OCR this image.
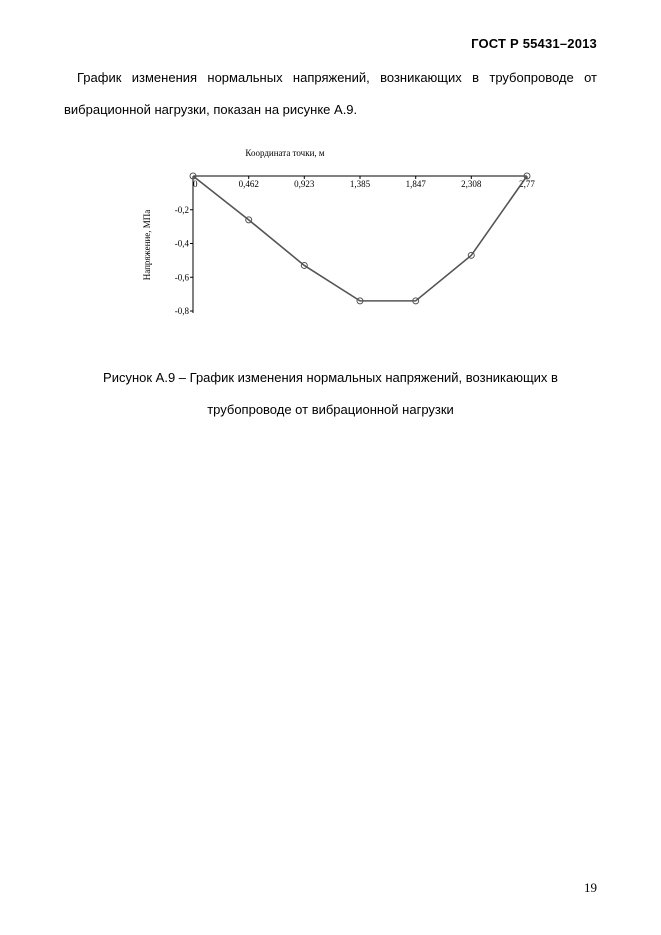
ГОСТ Р 55431–2013

График изменения нормальных напряжений, возникающих в трубопроводе от
вибрационной нагрузки, показан на рисунке А.9.

Координата точки, м
Напряжение, МПа
0	0,462	0,923	1,385	1,847	2,308	2,77
-0,2
-0,4
-0,6
-0,8
Рисунок А.9 – График изменения нормальных напряжений, возникающих в
трубопроводе от вибрационной нагрузки
19
